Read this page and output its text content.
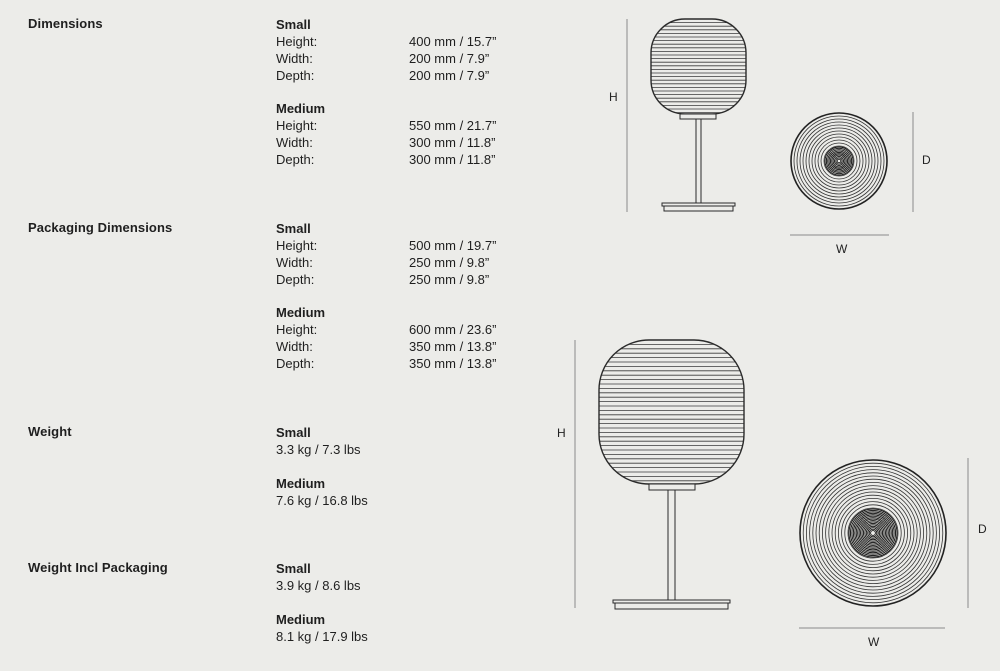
Dimensions	Small
Height:	400 mm / 15.7”
Width:	200 mm / 7.9”
Depth:	200 mm / 7.9”
Medium
Height:	550 mm / 21.7”
Width:	300 mm / 11.8”
Depth:	300 mm / 11.8”
Packaging Dimensions	Small
Height:	500 mm / 19.7”
Width:	250 mm / 9.8”
Depth:	250 mm / 9.8”
Medium
Height:	600 mm / 23.6”
Width:	350 mm / 13.8”
Depth:	350 mm / 13.8”
Weight	Small
3.3 kg / 7.3 lbs
Medium
7.6 kg / 16.8 lbs
Weight Incl Packaging	Small
3.9 kg / 8.6 lbs
Medium
8.1 kg / 17.9 lbs
H
D
W
H
D
W
